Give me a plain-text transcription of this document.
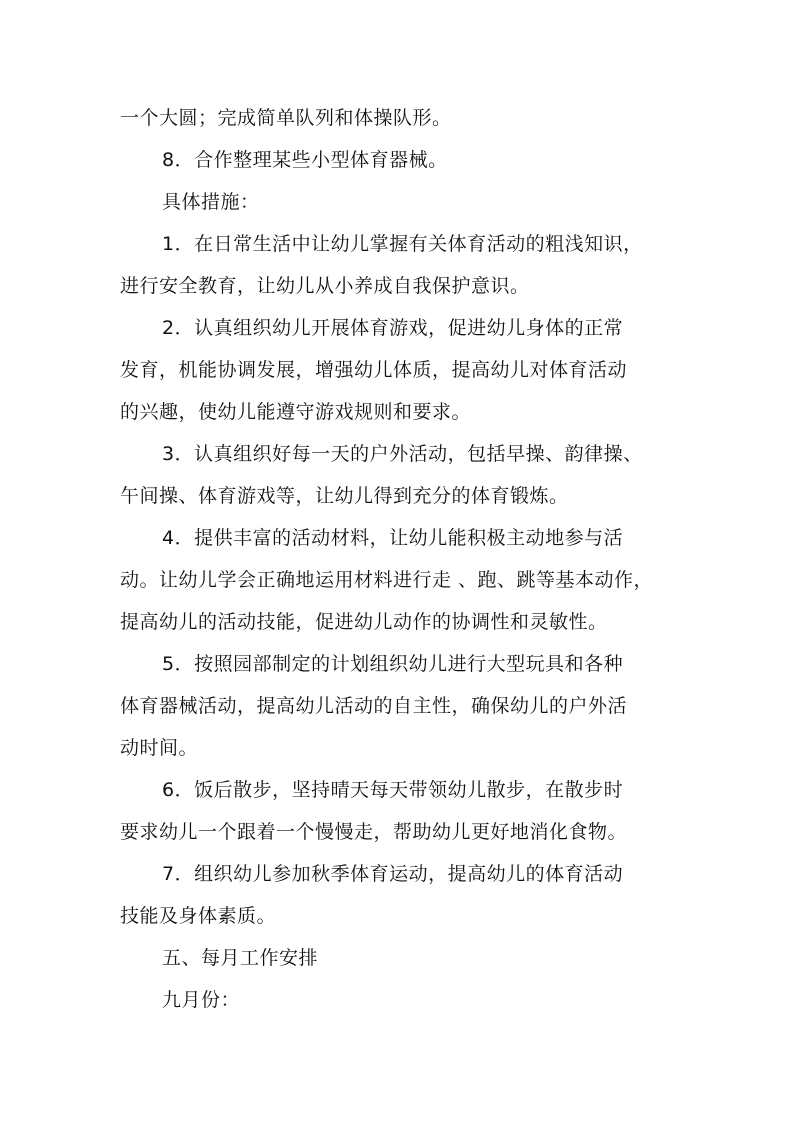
一个大圆；完成简单队列和体操队形。
8．合作整理某些小型体育器械。
具体措施：
1．在日常生活中让幼儿掌握有关体育活动的粗浅知识，
进行安全教育，让幼儿从小养成自我保护意识。
2．认真组织幼儿开展体育游戏，促进幼儿身体的正常
发育，机能协调发展，增强幼儿体质，提高幼儿对体育活动
的兴趣，使幼儿能遵守游戏规则和要求。
3．认真组织好每一天的户外活动，包括早操、韵律操、
午间操、体育游戏等，让幼儿得到充分的体育锻炼。
4．提供丰富的活动材料，让幼儿能积极主动地参与活
动。让幼儿学会正确地运用材料进行走 、跑、跳等基本动作，
提高幼儿的活动技能，促进幼儿动作的协调性和灵敏性。
5．按照园部制定的计划组织幼儿进行大型玩具和各种
体育器械活动，提高幼儿活动的自主性，确保幼儿的户外活
动时间。
6．饭后散步，坚持晴天每天带领幼儿散步，在散步时
要求幼儿一个跟着一个慢慢走，帮助幼儿更好地消化食物。
7．组织幼儿参加秋季体育运动，提高幼儿的体育活动
技能及身体素质。
五、每月工作安排
九月份：
